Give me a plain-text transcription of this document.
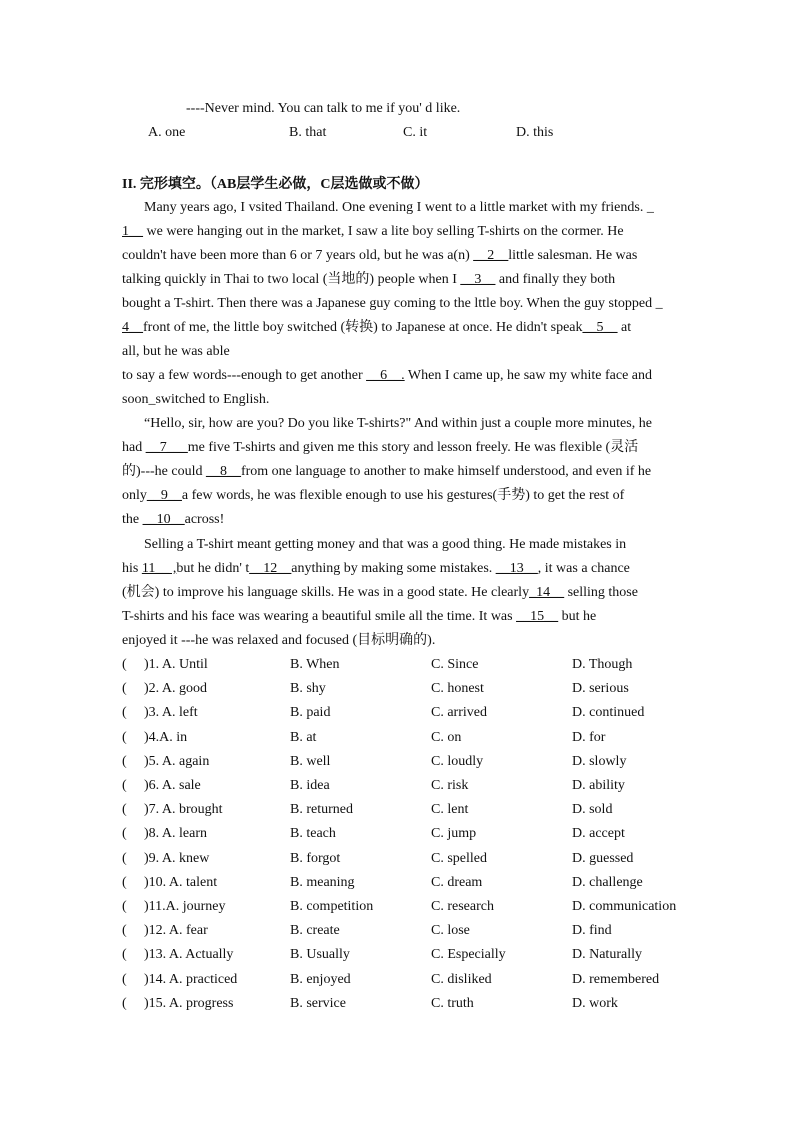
----Never mind. You can talk to me if you' d like.
A. one	B. that	C. it	D. this
II. 完形填空。（AB层学生必做，C层选做或不做）
Many years ago, I vsited Thailand. One evening I went to a little market with my friends. _
1__ we were hanging out in the market, I saw a lite boy selling T-shirts on the cormer. He
couldn't have been more than 6 or 7 years old, but he was a(n) __2__little salesman. He was
talking quickly in Thai to two local (当地的) people when I __3__ and finally they both
bought a T-shirt. Then there was a Japanese guy coming to the lttle boy. When the guy stopped _
4__front of me, the little boy switched (转换) to Japanese at once. He didn't speak__5__ at
all, but he was able
to say a few words---enough to get another __6__. When I came up, he saw my white face and
soon_switched to English.
“Hello, sir, how are you? Do you like T-shirts?" And within just a couple more minutes, he
had __7___me five T-shirts and given me this story and lesson freely. He was flexible (灵活
的)---he could __8__from one language to another to make himself understood, and even if he
only__9__a few words, he was flexible enough to use his gestures(手势) to get the rest of
the __10__across!
Selling a T-shirt meant getting money and that was a good thing. He made mistakes in
his 11__ ,but he didn' t__12__anything by making some mistakes. __13__, it was a chance
(机会) to improve his language skills. He was in a good state. He clearly_14__ selling those
T-shirts and his face was wearing a beautiful smile all the time. It was __15__ but he
enjoyed it ---he was relaxed and focused (目标明确的).
( )1. A. Until	B. When	C. Since	D. Though
( )2. A. good	B. shy	C. honest	D. serious
( )3. A. left	B. paid	C. arrived	D. continued
( )4.A. in	B. at	C. on	D. for
( )5. A. again	B. well	C. loudly	D. slowly
( )6. A. sale	B. idea	C. risk	D. ability
( )7. A. brought	B. returned	C. lent	D. sold
( )8. A. learn	B. teach	C. jump	D. accept
( )9. A. knew	B. forgot	C. spelled	D. guessed
( )10. A. talent	B. meaning	C. dream	D. challenge
( )11.A. journey	B. competition	C. research	D. communication
( )12. A. fear	B. create	C. lose	D. find
( )13. A. Actually	B. Usually	C. Especially	D. Naturally
( )14. A. practiced	B. enjoyed	C. disliked	D. remembered
( )15. A. progress	B. service	C. truth	D. work
